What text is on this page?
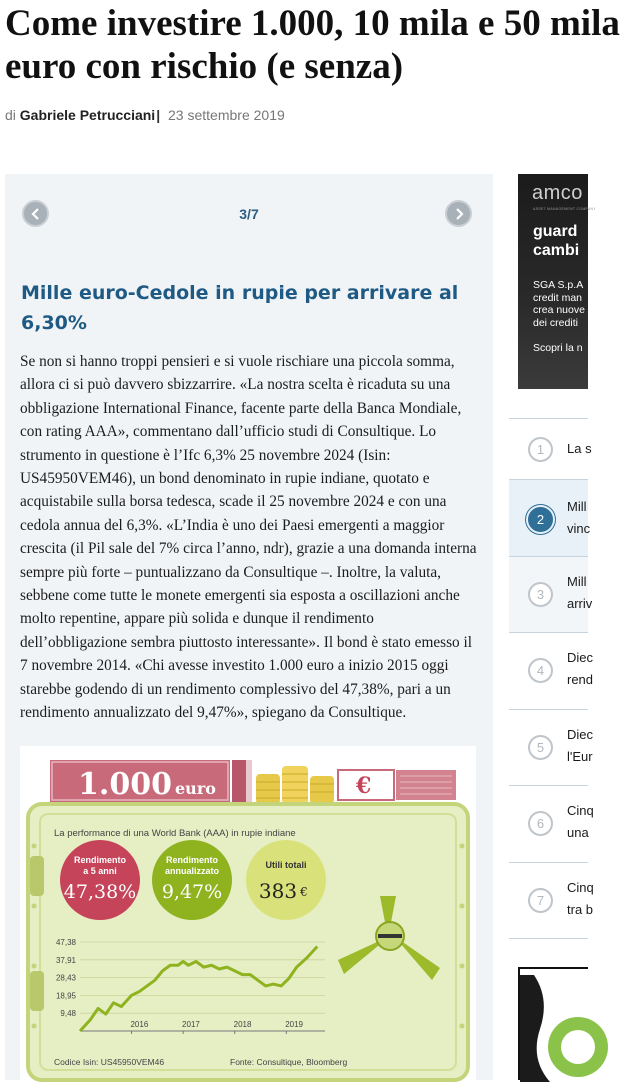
Come investire 1.000, 10 mila e 50 mila
euro con rischio (e senza)
di Gabriele Petrucciani| 23 settembre 2019
3/7
Mille euro-Cedole in rupie per arrivare al 6,30%

Se non si hanno troppi pensieri e si vuole rischiare una piccola somma, allora ci si può davvero sbizzarrire. «La nostra scelta è ricaduta su una obbligazione International Finance, facente parte della Banca Mondiale, con rating AAA», commentano dall’ufficio studi di Consultique. Lo strumento in questione è l’Ifc 6,3% 25 novembre 2024 (Isin: US45950VEM46), un bond denominato in rupie indiane, quotato e acquistabile sulla borsa tedesca, scade il 25 novembre 2024 e con una cedola annua del 6,3%. «L’India è uno dei Paesi emergenti a maggior crescita (il Pil sale del 7% circa l’anno, ndr), grazie a una domanda interna sempre più forte – puntualizzano da Consultique –. Inoltre, la valuta, sebbene come tutte le monete emergenti sia esposta a oscillazioni anche molto repentine, appare più solida e dunque il rendimento dell’obbligazione sembra piuttosto interessante». Il bond è stato emesso il 7 novembre 2014. «Chi avesse investito 1.000 euro a inizio 2015 oggi starebbe godendo di un rendimento complessivo del 47,38%, pari a un rendimento annualizzato del 9,47%», spiegano da Consultique.

1.000 euro	€
La performance di una World Bank (AAA) in rupie indiane
Rendimento
a 5 anni
47,38%
Rendimento
annualizzato
9,47%
Utili totali
383 €
9,48
18,95
28,43
37,91
47,38
2016	2017	2018	2019
Codice Isin: US45950VEM46	Fonte: Consultique, Bloomberg
amco
ASSET MANAGEMENT COMPANY
guard
cambi
SGA S.p.A
credit man
crea nuove
dei crediti
Scopri la n
1	La s
2
Mill
vinc
3
Mill
arriv
4
Diec
rend
5
Diec
l'Eur
6
Cinq
una
7
Cinq
tra b
